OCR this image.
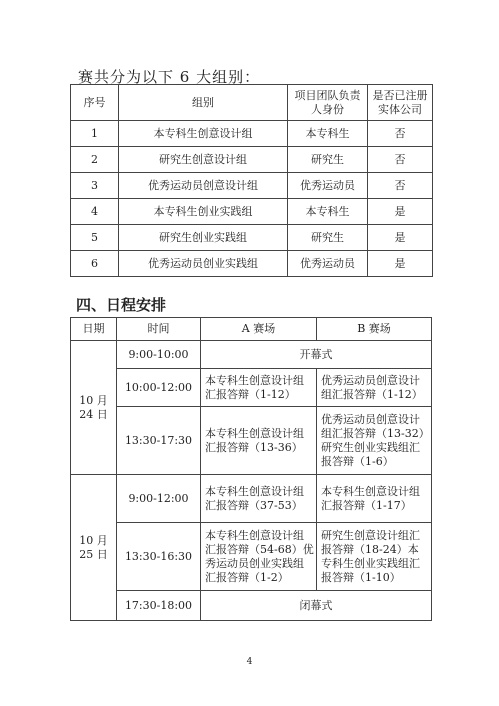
赛共分为以下 6 大组别：
序号	组别	项目团队负责人身份	是否已注册实体公司
1	本专科生创意设计组	本专科生	否
2	研究生创意设计组	研究生	否
3	优秀运动员创意设计组	优秀运动员	否
4	本专科生创业实践组	本专科生	是
5	研究生创业实践组	研究生	是
6	优秀运动员创业实践组	优秀运动员	是
四、日程安排
日期	时间	A 赛场	B 赛场
10 月 24 日	9:00-10:00	开幕式	
	10:00-12:00	本专科生创意设计组汇报答辩（1-12）	优秀运动员创意设计组汇报答辩（1-12）
	13:30-17:30	本专科生创意设计组汇报答辩（13-36）	优秀运动员创意设计组汇报答辩（13-32）研究生创业实践组汇报答辩（1-6）
10 月 25 日	9:00-12:00	本专科生创意设计组汇报答辩（37-53）	本专科生创意设计组汇报答辩（1-17）
	13:30-16:30	本专科生创意设计组汇报答辩（54-68）优秀运动员创业实践组汇报答辩（1-2）	研究生创意设计组汇报答辩（18-24）本专科生创业实践组汇报答辩（1-10）
	17:30-18:00	闭幕式	
4
